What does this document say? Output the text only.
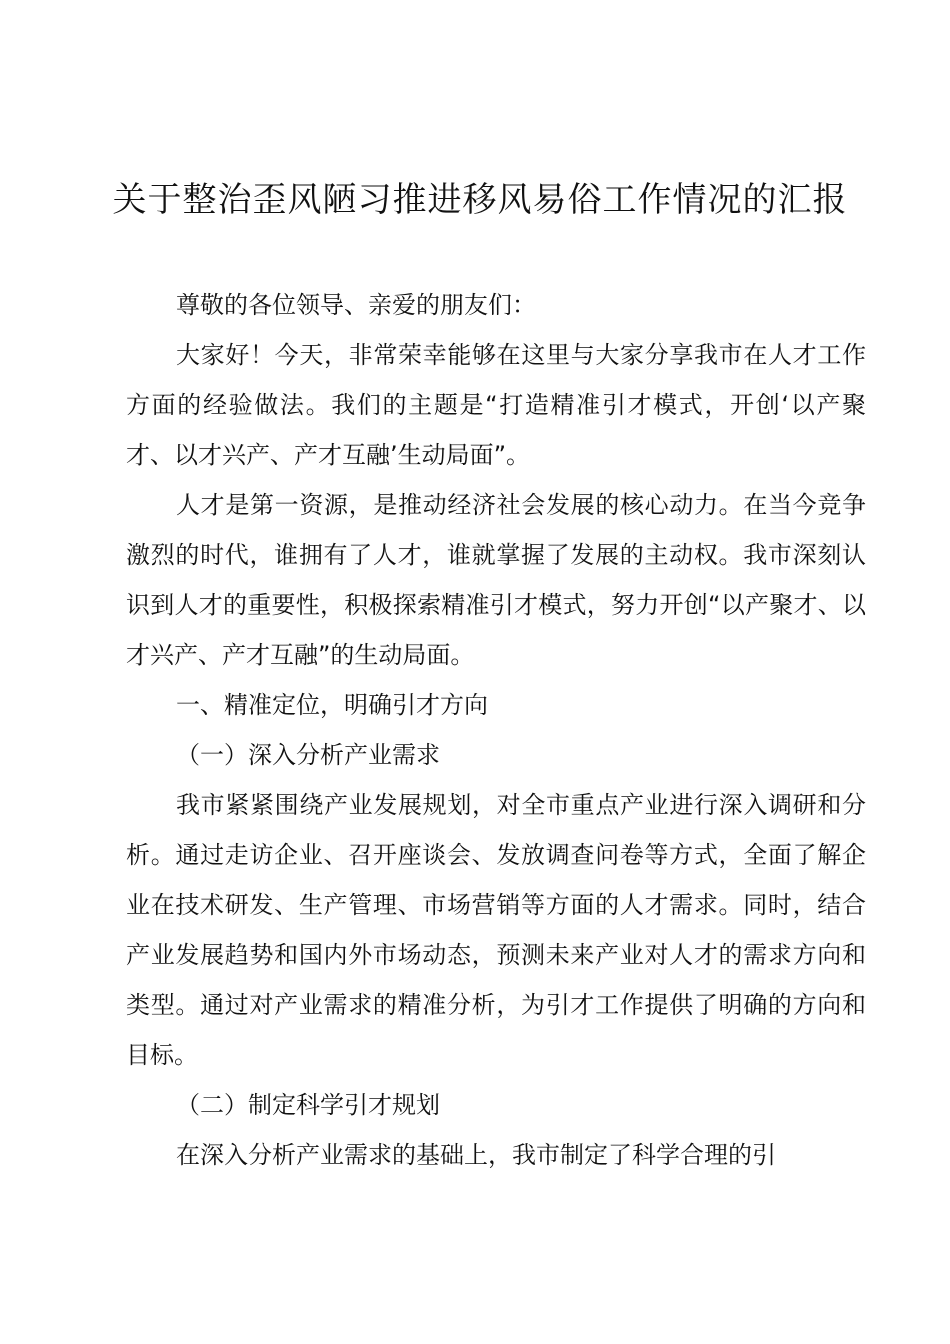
关于整治歪风陋习推进移风易俗工作情况的汇报

尊敬的各位领导、亲爱的朋友们：

大家好！今天，非常荣幸能够在这里与大家分享我市在人才工作方面的经验做法。我们的主题是“打造精准引才模式，开创‘以产聚才、以才兴产、产才互融’生动局面”。

人才是第一资源，是推动经济社会发展的核心动力。在当今竞争激烈的时代，谁拥有了人才，谁就掌握了发展的主动权。我市深刻认识到人才的重要性，积极探索精准引才模式，努力开创“以产聚才、以才兴产、产才互融”的生动局面。

一、精准定位，明确引才方向

（一）深入分析产业需求

我市紧紧围绕产业发展规划，对全市重点产业进行深入调研和分析。通过走访企业、召开座谈会、发放调查问卷等方式，全面了解企业在技术研发、生产管理、市场营销等方面的人才需求。同时，结合产业发展趋势和国内外市场动态，预测未来产业对人才的需求方向和类型。通过对产业需求的精准分析，为引才工作提供了明确的方向和目标。

（二）制定科学引才规划

在深入分析产业需求的基础上，我市制定了科学合理的引
